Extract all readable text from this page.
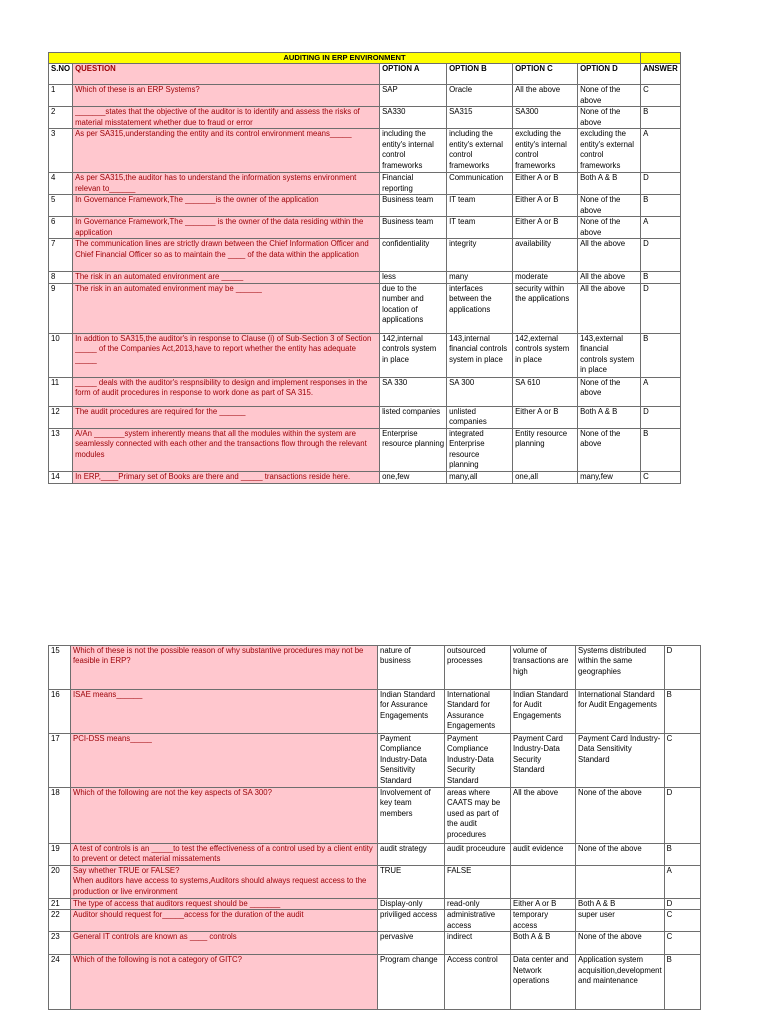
AUDITING IN ERP ENVIRONMENT						
S.NO	QUESTION	OPTION A	OPTION B	OPTION C	OPTION D	ANSWER
1	Which of these is an ERP Systems?	SAP	Oracle	All the above	None of the above	C
2	_______states that the objective of the auditor is to identify and assess the risks of material misstatement whether due to fraud or error	SA330	SA315	SA300	None of the above	B
3	As per SA315,understanding the entity and its control environment means_____	including the entity's internal control frameworks	including the entity's external control frameworks	excluding the entity's internal control frameworks	excluding the entity's external control frameworks	A
4	As per SA315,the auditor has to understand the information systems environment relevan to______	Financial reporting	Communication	Either A or B	Both A & B	D
5	In Governance Framework,The _______is the owner of the application	Business team	IT team	Either A or B	None of the above	B
6	In Governance Framework,The _______ is the owner of the data residing within the application	Business team	IT team	Either A or B	None of the above	A
7	The communication lines are strictly drawn between the Chief Information Officer and Chief Financial Officer so as to maintain the ____ of the data within the application	confidentiality	integrity	availability	All the above	D
8	The risk in an automated environment are _____	less	many	moderate	All the above	B
9	The risk in an automated environment may be ______	due to the number and location of applications	interfaces between the applications	security within the applications	All the above	D
10	In addtion to SA315,the auditor's in response to Clause (i) of Sub-Section 3 of Section _____ of the Companies Act,2013,have to report whether the entity has adequate _____	142,internal controls system in place	143,internal financial controls system in place	142,external controls system in place	143,external financial controls system in place	B
11	_____ deals with the auditor's respnsibility to design and implement responses in the form of audit procedures in response to work done as part of SA 315.	SA 330	SA 300	SA 610	None of the above	A
12	The audit procedures are required for the ______	listed companies	unlisted companies	Either A or B	Both A & B	D
13	A/An _______system inherently means that all the modules within the system are seamlessly connected with each other and the transactions flow through the relevant modules	Enterprise resource planning	integrated Enterprise resource planning	Entity resource planning	None of the above	B
14	In ERP,____Primary set of Books are there and _____ transactions reside here.	one,few	many,all	one,all	many,few	C
15	Which of these is not the possible reason of why substantive procedures may not be feasible in ERP?	nature of business	outsourced processes	volume of transactions are high	Systems distributed within the same geographies	D
16	ISAE means______	Indian Standard for Assurance Engagements	International Standard for Assurance Engagements	Indian Standard for Audit Engagements	International Standard for Audit Engagements	B
17	PCI-DSS means_____	Payment Compliance Industry-Data Sensitivity Standard	Payment Compliance Industry-Data Security Standard	Payment Card Industry-Data Security Standard	Payment Card Industry-Data Sensitivity Standard	C
18	Which of the following are not the key aspects of SA 300?	Involvement of key team members	areas where CAATS may be used as part of the audit procedures	All the above	None of the above	D
19	A test of controls is an _____to test the effectiveness of a control used by a client entity to prevent or detect material missatements	audit strategy	audit proceudure	audit evidence	None of the above	B
20	Say whether TRUE or FALSE?
When auditors have access to systems,Auditors should always request access to the production or live environment	TRUE	FALSE			A
21	The type of access that auditors request should be _______	Display-only	read-only	Either A or B	Both A & B	D
22	Auditor should request for_____access for the duration of the audit	priviliged access	administrative access	temporary access	super user	C
23	General IT controls are known as ____ controls	pervasive	indirect	Both A & B	None of the above	C
24	Which of the following is not a category of GITC?	Program change	Access control	Data center and Network operations	Application system acquisition,development and maintenance	B
